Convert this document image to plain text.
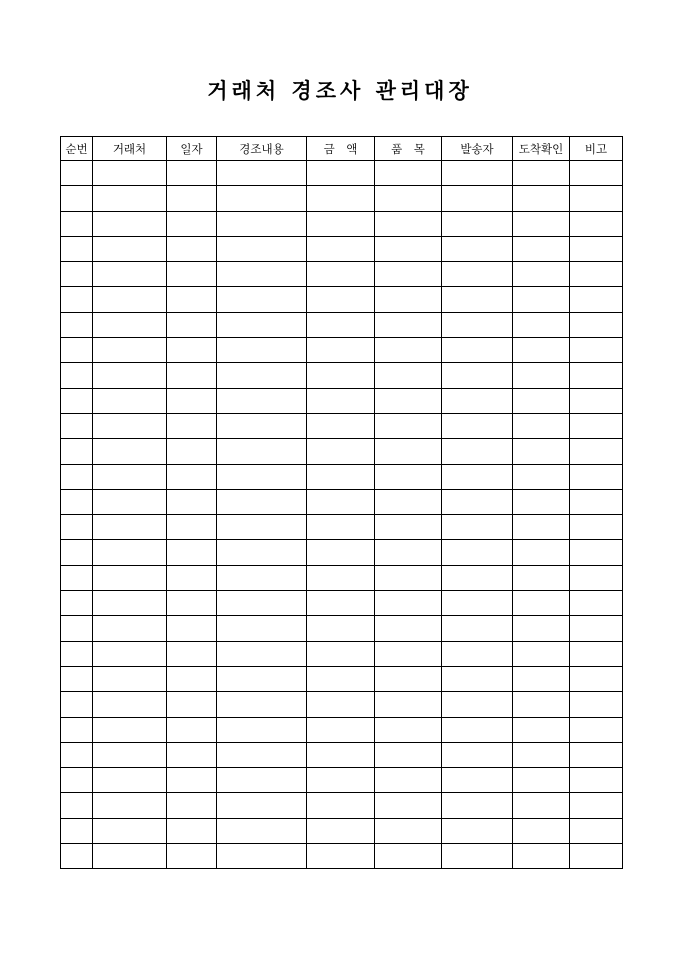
거래처 경조사 관리대장
순번	거래처	일자	경조내용	금　액	품　목	발송자	도착확인	비고
